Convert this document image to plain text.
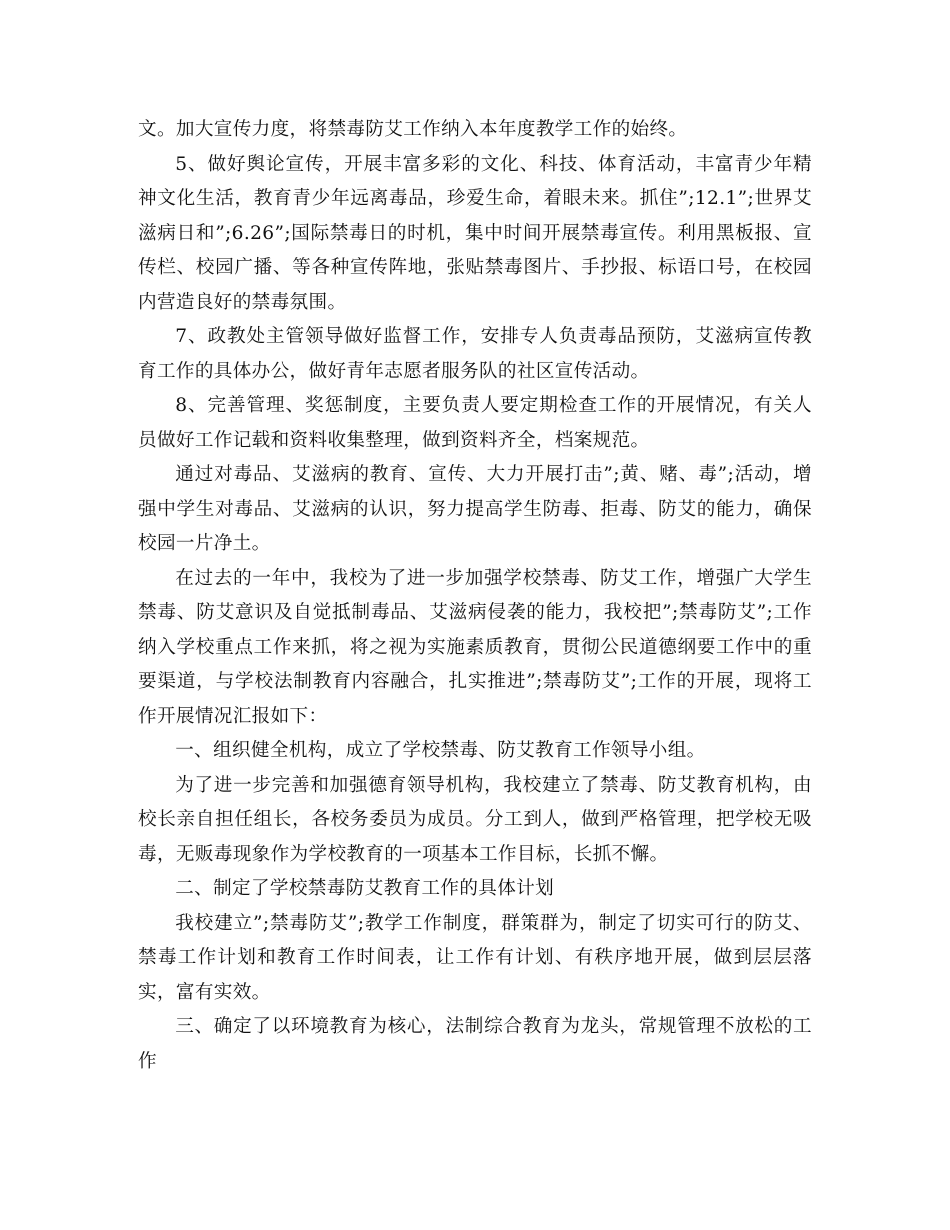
文。加大宣传力度，将禁毒防艾工作纳入本年度教学工作的始终。

5、做好舆论宣传，开展丰富多彩的文化、科技、体育活动，丰富青少年精神文化生活，教育青少年远离毒品，珍爱生命，着眼未来。抓住”;12.1”;世界艾滋病日和”;6.26”;国际禁毒日的时机，集中时间开展禁毒宣传。利用黑板报、宣传栏、校园广播、等各种宣传阵地，张贴禁毒图片、手抄报、标语口号，在校园内营造良好的禁毒氛围。

7、政教处主管领导做好监督工作，安排专人负责毒品预防，艾滋病宣传教育工作的具体办公，做好青年志愿者服务队的社区宣传活动。

8、完善管理、奖惩制度，主要负责人要定期检查工作的开展情况，有关人员做好工作记载和资料收集整理，做到资料齐全，档案规范。

通过对毒品、艾滋病的教育、宣传、大力开展打击”;黄、赌、毒”;活动，增强中学生对毒品、艾滋病的认识，努力提高学生防毒、拒毒、防艾的能力，确保校园一片净土。

在过去的一年中，我校为了进一步加强学校禁毒、防艾工作，增强广大学生禁毒、防艾意识及自觉抵制毒品、艾滋病侵袭的能力，我校把”;禁毒防艾”;工作纳入学校重点工作来抓，将之视为实施素质教育，贯彻公民道德纲要工作中的重要渠道，与学校法制教育内容融合，扎实推进”;禁毒防艾”;工作的开展，现将工作开展情况汇报如下：

一、组织健全机构，成立了学校禁毒、防艾教育工作领导小组。

为了进一步完善和加强德育领导机构，我校建立了禁毒、防艾教育机构，由校长亲自担任组长，各校务委员为成员。分工到人，做到严格管理，把学校无吸毒，无贩毒现象作为学校教育的一项基本工作目标，长抓不懈。

二、制定了学校禁毒防艾教育工作的具体计划

我校建立”;禁毒防艾”;教学工作制度，群策群为，制定了切实可行的防艾、禁毒工作计划和教育工作时间表，让工作有计划、有秩序地开展，做到层层落实，富有实效。

三、确定了以环境教育为核心，法制综合教育为龙头，常规管理不放松的工作
